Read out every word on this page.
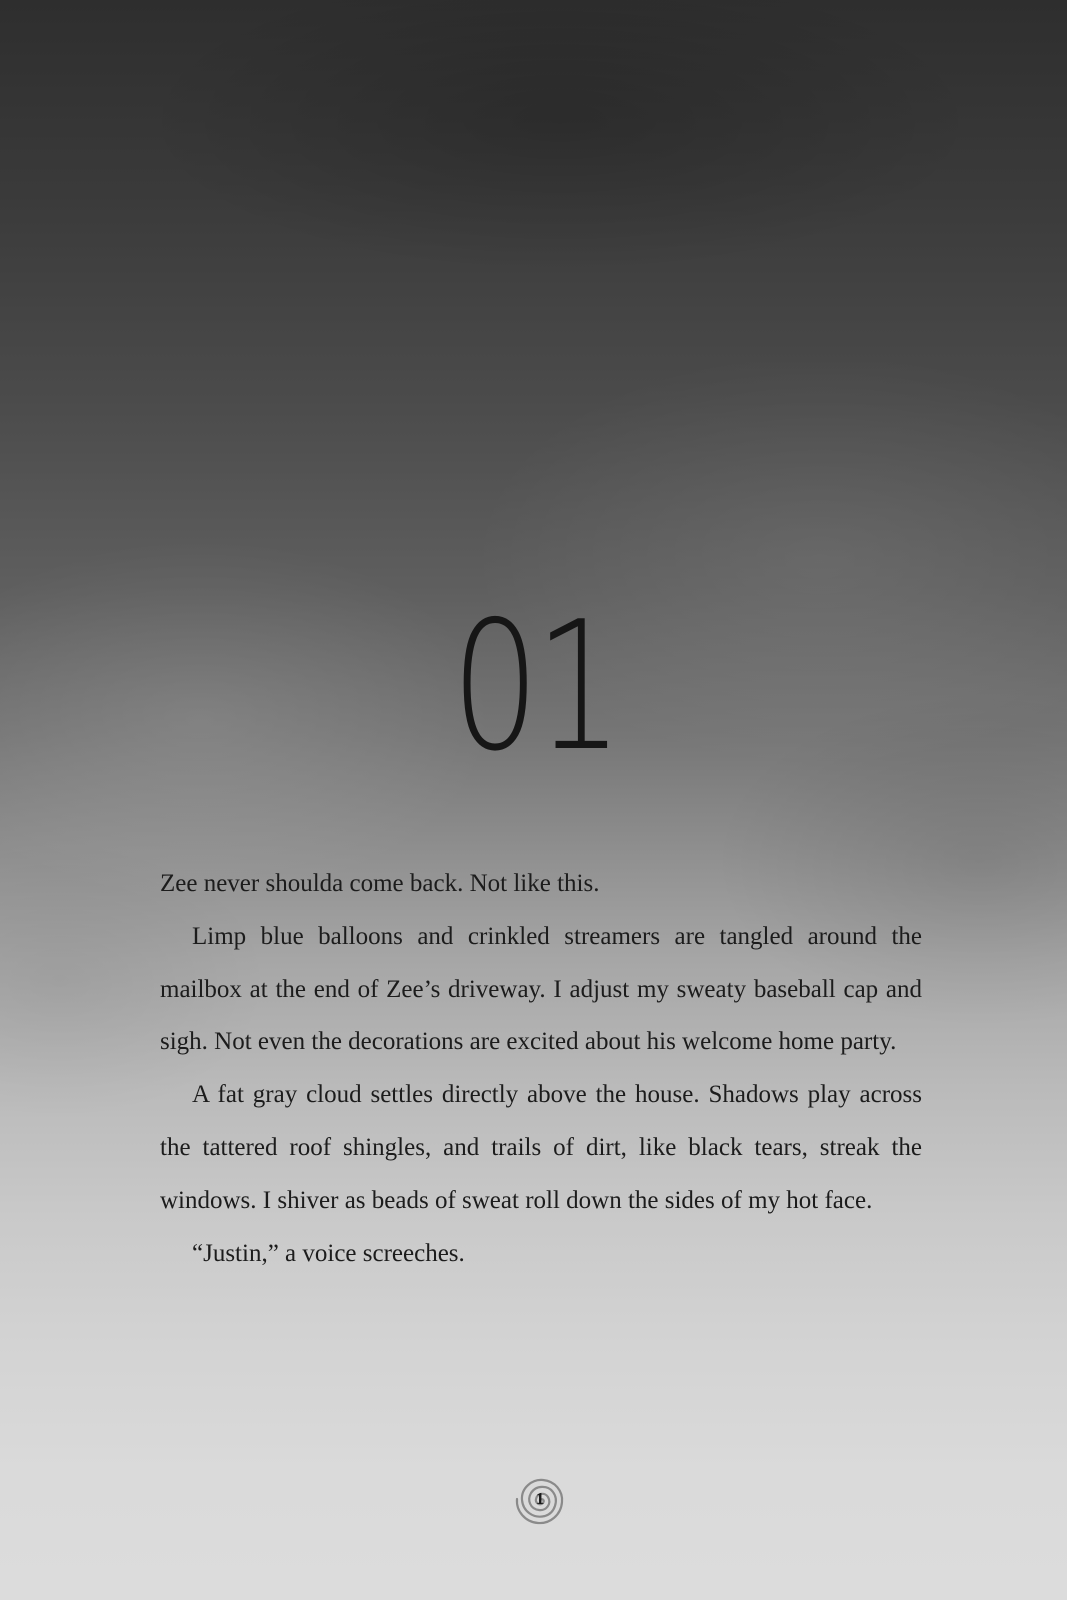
01

Zee never shoulda come back. Not like this.

Limp blue balloons and crinkled streamers are tangled around the mailbox at the end of Zee’s driveway. I adjust my sweaty baseball cap and sigh. Not even the decorations are excited about his welcome home party.

A fat gray cloud settles directly above the house. Shadows play across the tattered roof shingles, and trails of dirt, like black tears, streak the windows. I shiver as beads of sweat roll down the sides of my hot face.

“Justin,” a voice screeches.

1
